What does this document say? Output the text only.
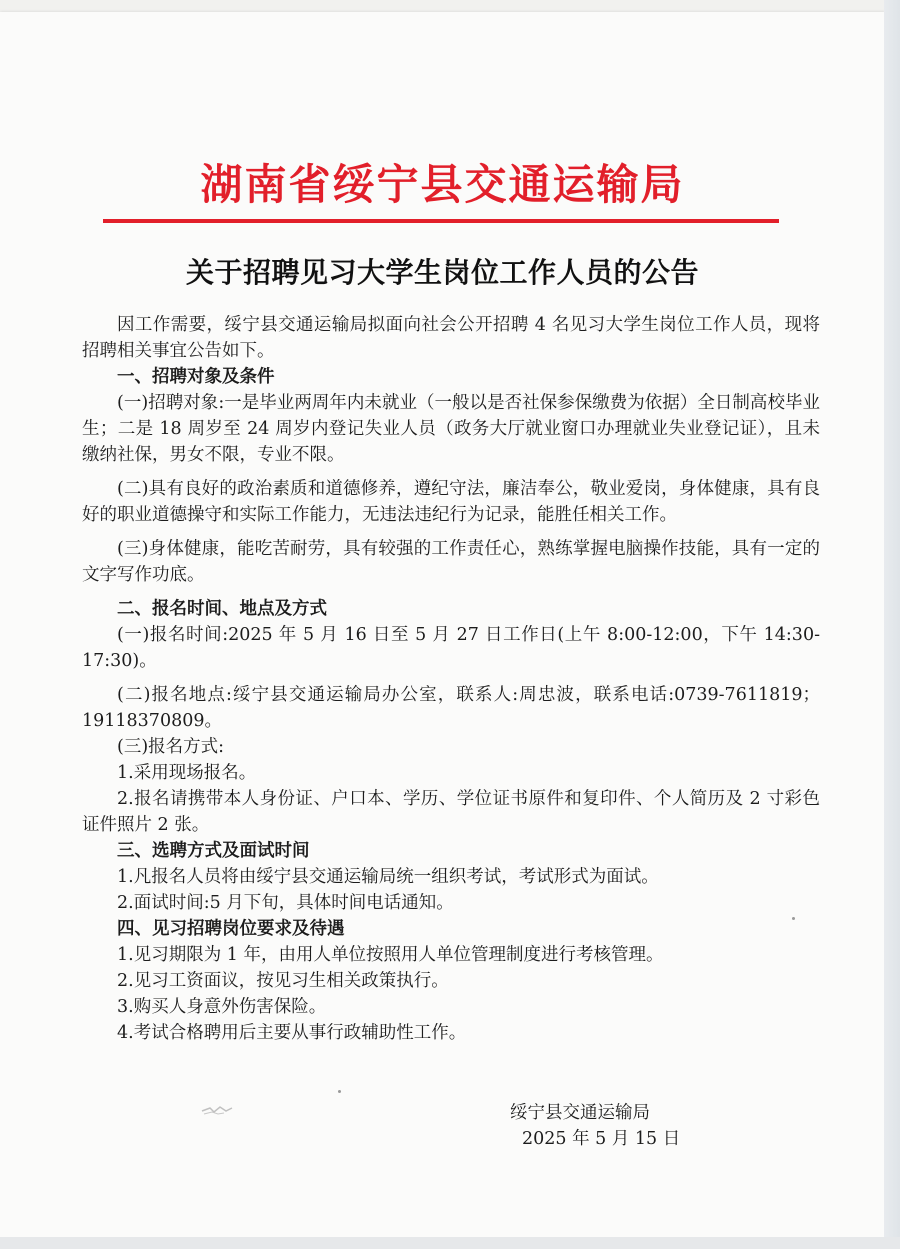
湖南省绥宁县交通运输局
关于招聘见习大学生岗位工作人员的公告

因工作需要，绥宁县交通运输局拟面向社会公开招聘 4 名见习大学生岗位工作人员，现将招聘相关事宜公告如下。

一、招聘对象及条件

(一)招聘对象:一是毕业两周年内未就业（一般以是否社保参保缴费为依据）全日制高校毕业生；二是 18 周岁至 24 周岁内登记失业人员（政务大厅就业窗口办理就业失业登记证），且未缴纳社保，男女不限，专业不限。

(二)具有良好的政治素质和道德修养，遵纪守法，廉洁奉公，敬业爱岗，身体健康，具有良好的职业道德操守和实际工作能力，无违法违纪行为记录，能胜任相关工作。

(三)身体健康，能吃苦耐劳，具有较强的工作责任心，熟练掌握电脑操作技能，具有一定的文字写作功底。

二、报名时间、地点及方式

(一)报名时间:2025 年 5 月 16 日至 5 月 27 日工作日(上午 8:00-12:00，下午 14:30-17:30)。

(二)报名地点:绥宁县交通运输局办公室，联系人:周忠波，联系电话:0739-7611819；19118370809。

(三)报名方式:

1.采用现场报名。

2.报名请携带本人身份证、户口本、学历、学位证书原件和复印件、个人简历及 2 寸彩色证件照片 2 张。

三、选聘方式及面试时间

1.凡报名人员将由绥宁县交通运输局统一组织考试，考试形式为面试。

2.面试时间:5 月下旬，具体时间电话通知。

四、见习招聘岗位要求及待遇

1.见习期限为 1 年，由用人单位按照用人单位管理制度进行考核管理。

2.见习工资面议，按见习生相关政策执行。

3.购买人身意外伤害保险。

4.考试合格聘用后主要从事行政辅助性工作。

绥宁县交通运输局
2025 年 5 月 15 日
